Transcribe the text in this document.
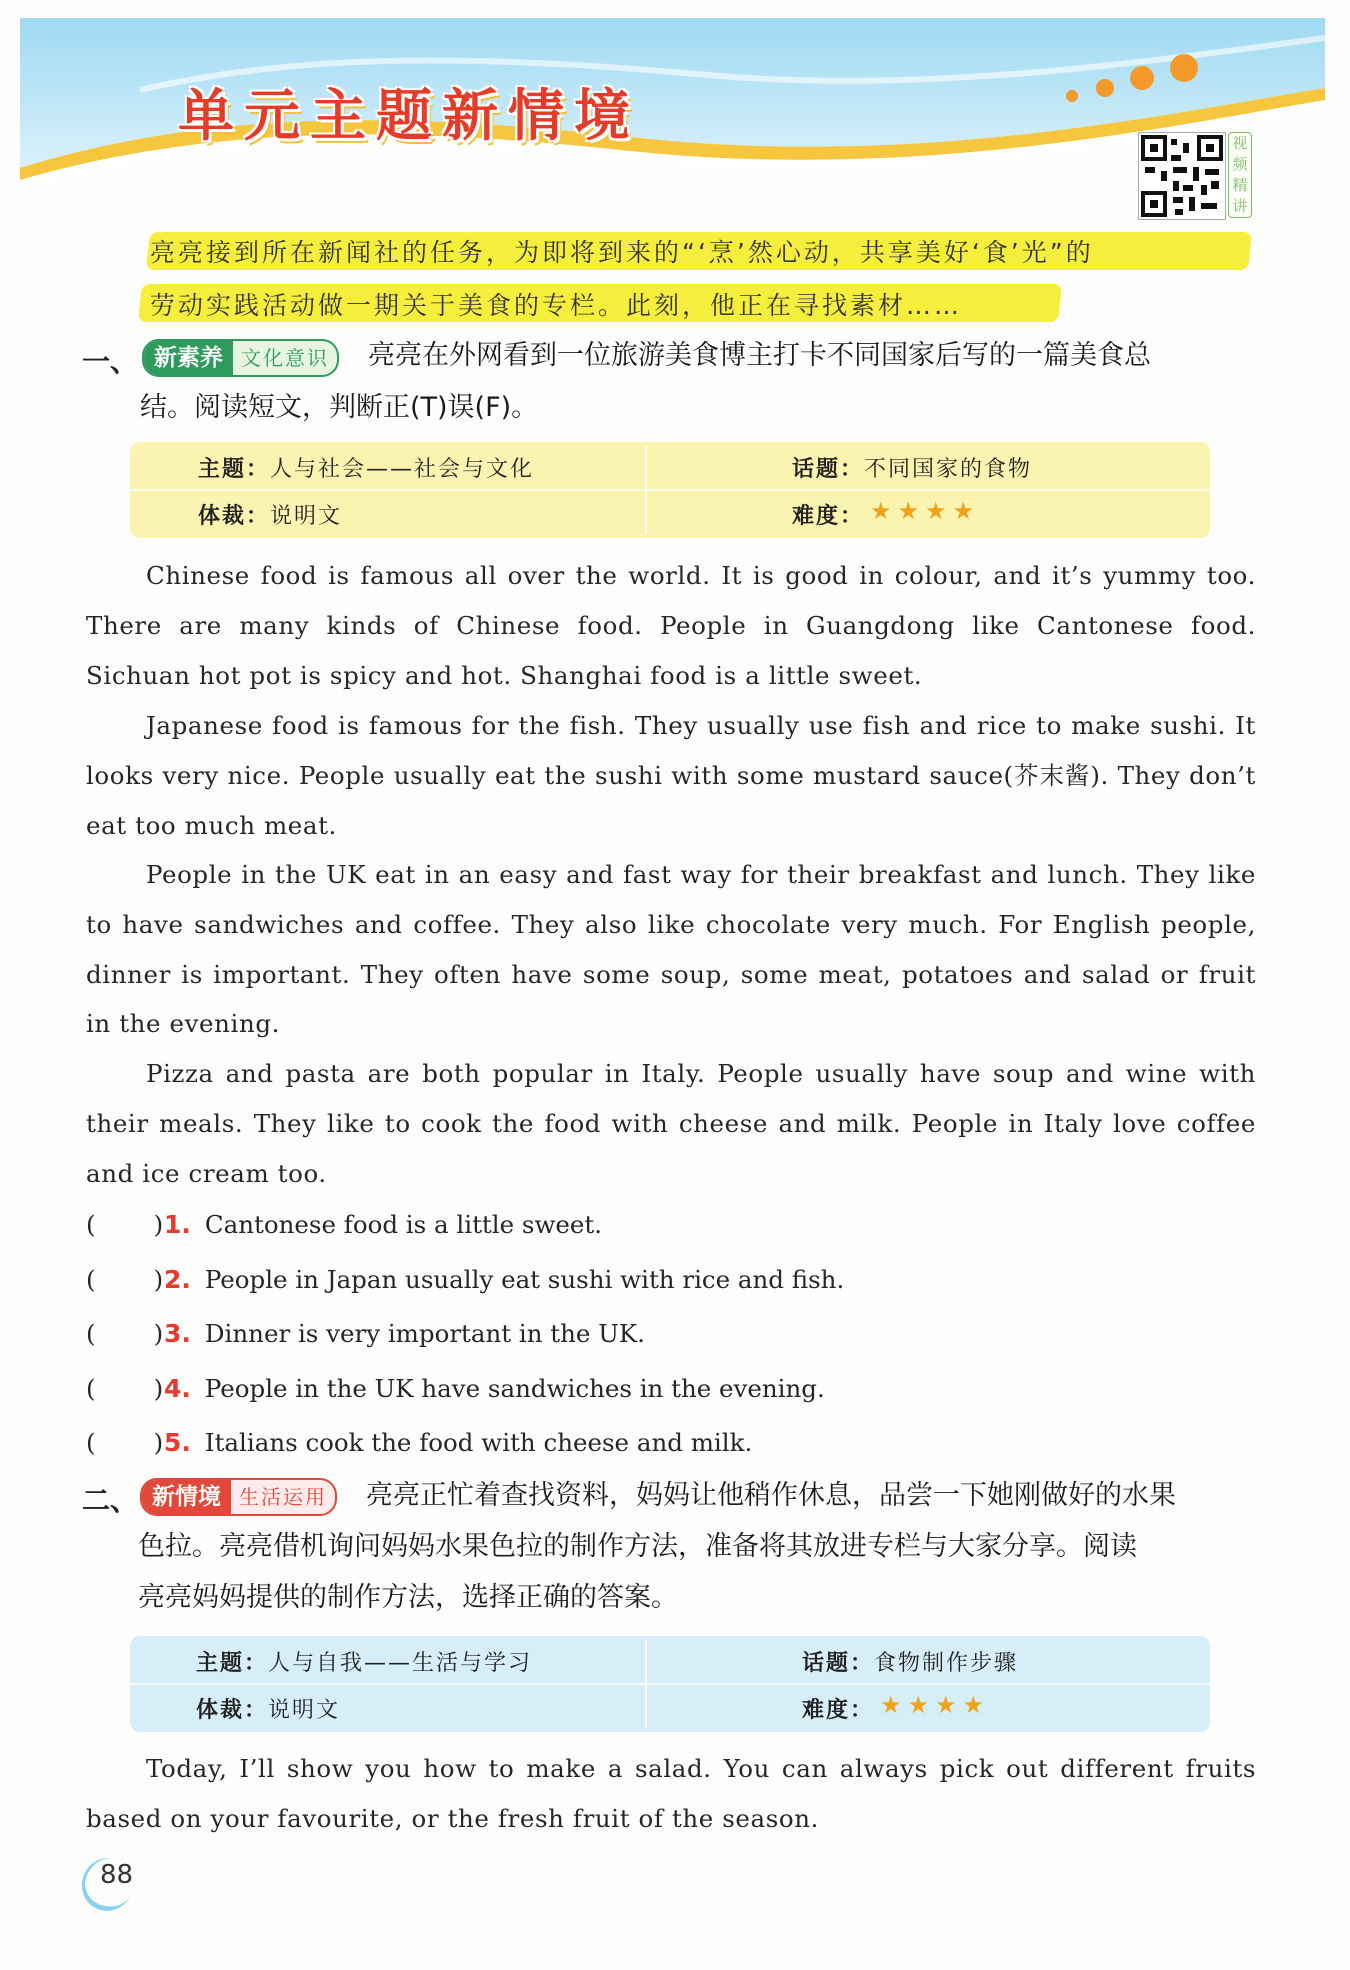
单元主题新情境	视
频
精
讲
亮亮接到所在新闻社的任务，为即将到来的“‘烹’然心动，共享美好‘食’光”的
劳动实践活动做一期关于美食的专栏。此刻，他正在寻找素材……
一、 新素养 文化意识 亮亮在外网看到一位旅游美食博主打卡不同国家后写的一篇美食总
结。阅读短文，判断正(T)误(F)。
主题：人与社会——社会与文化	话题：不同国家的食物
体裁：说明文	难度： ★★★★
Chinese food is famous all over the world. It is good in colour, and it’s yummy too. There are many kinds of Chinese food. People in Guangdong like Cantonese food. Sichuan hot pot is spicy and hot. Shanghai food is a little sweet.
Japanese food is famous for the fish. They usually use fish and rice to make sushi. It looks very nice. People usually eat the sushi with some mustard sauce(芥末酱). They don’t eat too much meat.
People in the UK eat in an easy and fast way for their breakfast and lunch. They like to have sandwiches and coffee. They also like chocolate very much. For English people, dinner is important. They often have some soup, some meat, potatoes and salad or fruit in the evening.
Pizza and pasta are both popular in Italy. People usually have soup and wine with their meals. They like to cook the food with cheese and milk. People in Italy love coffee and ice cream too.
( )1. Cantonese food is a little sweet.
( )2. People in Japan usually eat sushi with rice and fish.
( )3. Dinner is very important in the UK.
( )4. People in the UK have sandwiches in the evening.
( )5. Italians cook the food with cheese and milk.
二、 新情境 生活运用 亮亮正忙着查找资料，妈妈让他稍作休息，品尝一下她刚做好的水果
色拉。亮亮借机询问妈妈水果色拉的制作方法，准备将其放进专栏与大家分享。阅读
亮亮妈妈提供的制作方法，选择正确的答案。
主题：人与自我——生活与学习	话题：食物制作步骤
体裁：说明文	难度： ★★★★
Today, I’ll show you how to make a salad. You can always pick out different fruits based on your favourite, or the fresh fruit of the season.
88
